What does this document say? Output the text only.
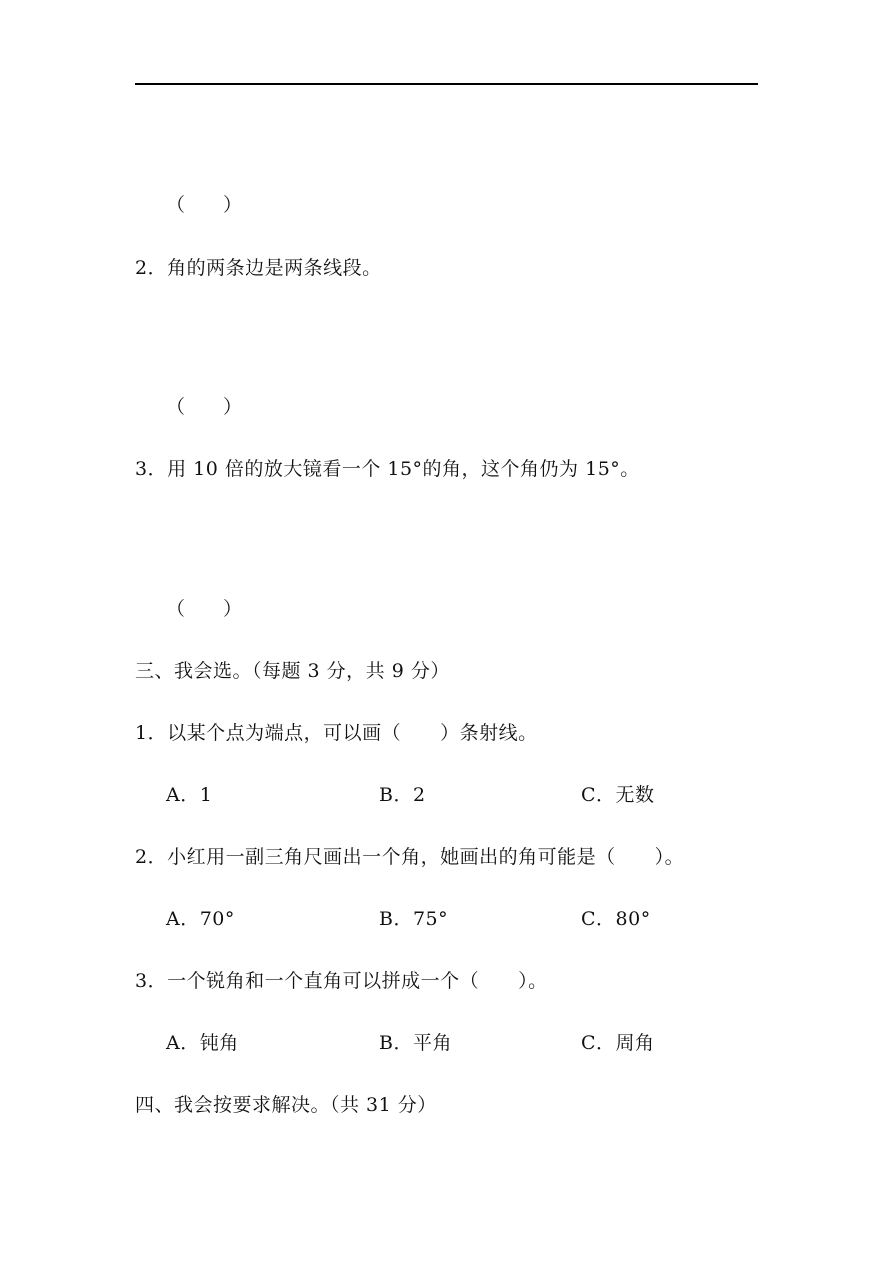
（　　）
2．角的两条边是两条线段。
（　　）
3．用 10 倍的放大镜看一个 15°的角，这个角仍为 15°。
（　　）
三、我会选。（每题 3 分，共 9 分）
1．以某个点为端点，可以画（　　）条射线。
A．1	B．2	C．无数
2．小红用一副三角尺画出一个角，她画出的角可能是（　　）。
A．70°	B．75°	C．80°
3．一个锐角和一个直角可以拼成一个（　　）。
A．钝角	B．平角	C．周角
四、我会按要求解决。（共 31 分）
